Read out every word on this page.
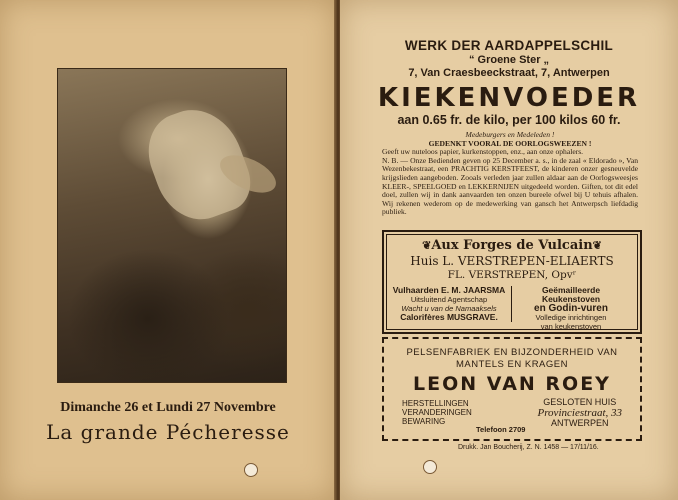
Dimanche 26 et Lundi 27 Novembre
La grande Pécheresse
WERK DER AARDAPPELSCHIL
“ Groene Ster „
7, Van Craesbeeckstraat, 7, Antwerpen
KIEKENVOEDER
aan 0.65 fr. de kilo, per 100 kilos 60 fr.
Medeburgers en Medeleden !
GEDENKT VOORAL DE OORLOGSWEEZEN !
Geeft uw nuteloos papier, kurkenstoppen, enz., aan onze ophalers.
N. B. — Onze Bedienden geven op 25 December a. s., in de zaal « Eldorado », Van Wezenbekestraat, een PRACHTIG KERSTFEEST, de kinderen onzer gesneuvelde krijgslieden aangeboden. Zooals verleden jaar zullen aldaar aan de Oorlogsweesjes KLEER-, SPEELGOED en LEKKERNIJEN uitgedeeld worden. Giften, tot dit edel doel, zullen wij in dank aanvaarden ten onzen bureele ofwel bij U tehuis afhalen. Wij rekenen wederom op de medewerking van gansch het Antwerpsch liefdadig publiek.
❦Aux Forges de Vulcain❦
Huis L. VERSTREPEN-ELIAERTS
FL. VERSTREPEN, Opvʳ
Vulhaarden E. M. JAARSMA
Uitsluitend Agentschap
Wacht u van de Namaaksels
Calorifères MUSGRAVE.
Geëmailleerde Keukenstoven
en Godin-vuren
Volledige inrichtingen
van keukenstoven
PELSENFABRIEK EN BIJZONDERHEID VAN
MANTELS EN KRAGEN
LEON VAN ROEY
HERSTELLINGEN
VERANDERINGEN
BEWARING
GESLOTEN HUIS
Provinciestraat, 33
ANTWERPEN
Telefoon 2709
Drukk. Jan Boucherij, Z. N. 1458 — 17/11/16.
